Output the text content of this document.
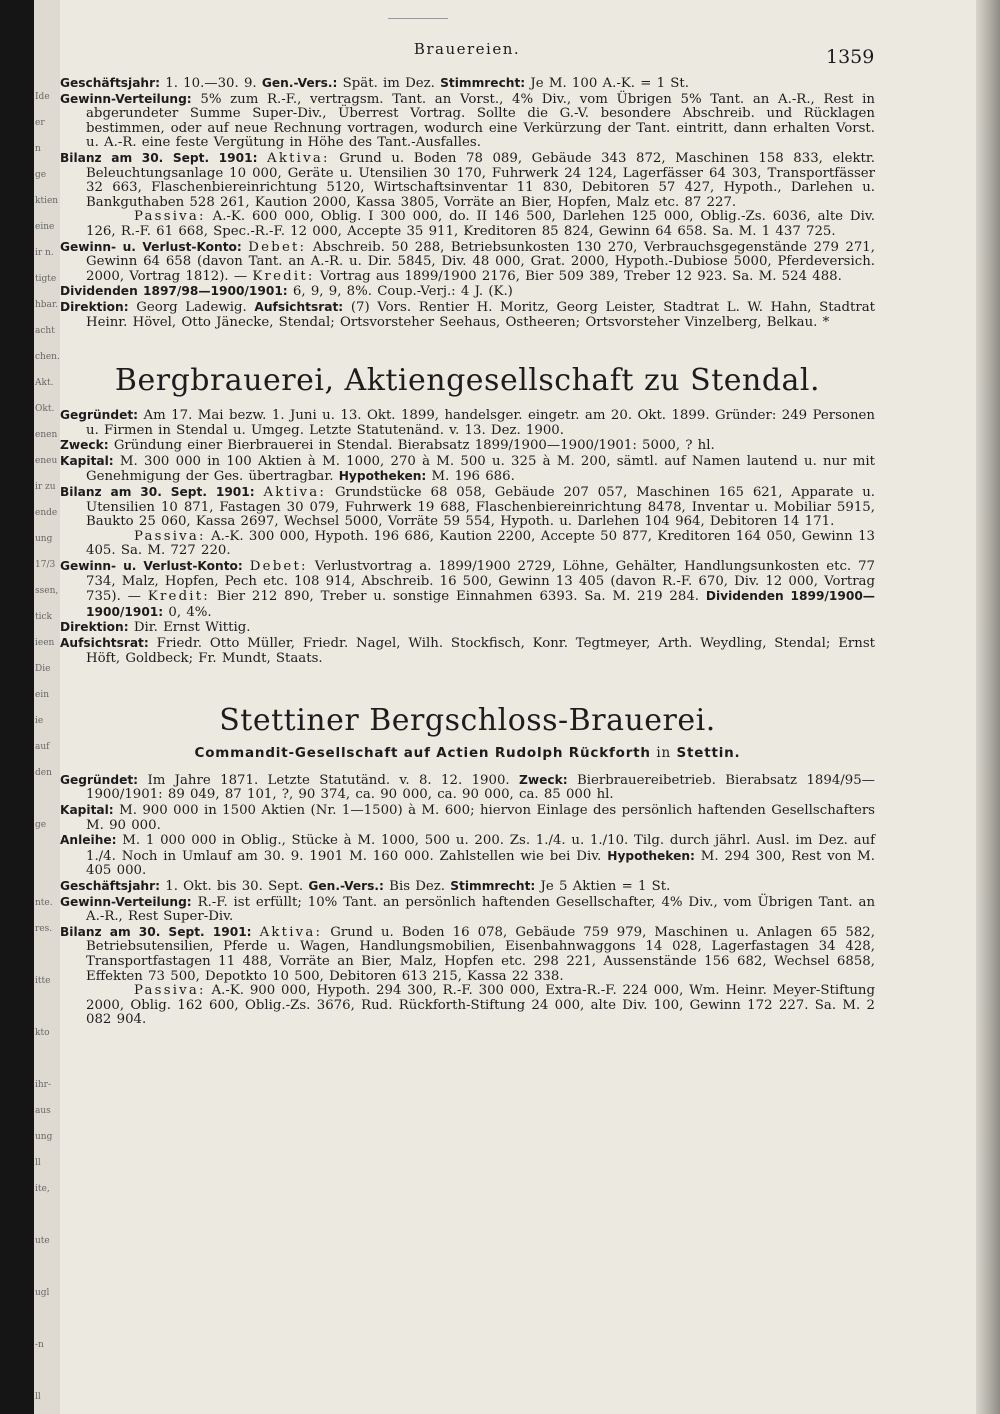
Ide
er
n
ge
ktien
eine
ir n.
tigte
hbar.
acht
chen.
Akt.
Okt.
enen
eneu
ir zu
ende
ung
17/3
ssen,
tick
ieen
Die
ein
ie
auf
den
ge
nte.
res.
itte
kto
ihr-
aus
ung
ll
ite,
ute
ugl
-n
ll
Brauereien.	1359

Geschäftsjahr: 1. 10.—30. 9. Gen.-Vers.: Spät. im Dez. Stimmrecht: Je M. 100 A.-K. = 1 St.

Gewinn-Verteilung: 5% zum R.-F., vertragsm. Tant. an Vorst., 4% Div., vom Übrigen 5% Tant. an A.-R., Rest in abgerundeter Summe Super-Div., Überrest Vortrag. Sollte die G.-V. besondere Abschreib. und Rücklagen bestimmen, oder auf neue Rechnung vortragen, wodurch eine Verkürzung der Tant. eintritt, dann erhalten Vorst. u. A.-R. eine feste Vergütung in Höhe des Tant.-Ausfalles.

Bilanz am 30. Sept. 1901: Aktiva: Grund u. Boden 78 089, Gebäude 343 872, Maschinen 158 833, elektr. Beleuchtungsanlage 10 000, Geräte u. Utensilien 30 170, Fuhrwerk 24 124, Lagerfässer 64 303, Transportfässer 32 663, Flaschenbiereinrichtung 5120, Wirtschaftsinventar 11 830, Debitoren 57 427, Hypoth., Darlehen u. Bankguthaben 528 261, Kaution 2000, Kassa 3805, Vorräte an Bier, Hopfen, Malz etc. 87 227.
Passiva: A.-K. 600 000, Oblig. I 300 000, do. II 146 500, Darlehen 125 000, Oblig.-Zs. 6036, alte Div. 126, R.-F. 61 668, Spec.-R.-F. 12 000, Accepte 35 911, Kreditoren 85 824, Gewinn 64 658. Sa. M. 1 437 725.

Gewinn- u. Verlust-Konto: Debet: Abschreib. 50 288, Betriebsunkosten 130 270, Verbrauchsgegenstände 279 271, Gewinn 64 658 (davon Tant. an A.-R. u. Dir. 5845, Div. 48 000, Grat. 2000, Hypoth.-Dubiose 5000, Pferdeversich. 2000, Vortrag 1812). — Kredit: Vortrag aus 1899/1900 2176, Bier 509 389, Treber 12 923. Sa. M. 524 488.

Dividenden 1897/98—1900/1901: 6, 9, 9, 8%. Coup.-Verj.: 4 J. (K.)

Direktion: Georg Ladewig. Aufsichtsrat: (7) Vors. Rentier H. Moritz, Georg Leister, Stadtrat L. W. Hahn, Stadtrat Heinr. Hövel, Otto Jänecke, Stendal; Ortsvorsteher Seehaus, Ostheeren; Ortsvorsteher Vinzelberg, Belkau. *

Bergbrauerei, Aktiengesellschaft zu Stendal.

Gegründet: Am 17. Mai bezw. 1. Juni u. 13. Okt. 1899, handelsger. eingetr. am 20. Okt. 1899. Gründer: 249 Personen u. Firmen in Stendal u. Umgeg. Letzte Statutenänd. v. 13. Dez. 1900.

Zweck: Gründung einer Bierbrauerei in Stendal. Bierabsatz 1899/1900—1900/1901: 5000, ? hl.

Kapital: M. 300 000 in 100 Aktien à M. 1000, 270 à M. 500 u. 325 à M. 200, sämtl. auf Namen lautend u. nur mit Genehmigung der Ges. übertragbar. Hypotheken: M. 196 686.

Bilanz am 30. Sept. 1901: Aktiva: Grundstücke 68 058, Gebäude 207 057, Maschinen 165 621, Apparate u. Utensilien 10 871, Fastagen 30 079, Fuhrwerk 19 688, Flaschenbiereinrichtung 8478, Inventar u. Mobiliar 5915, Baukto 25 060, Kassa 2697, Wechsel 5000, Vorräte 59 554, Hypoth. u. Darlehen 104 964, Debitoren 14 171.
Passiva: A.-K. 300 000, Hypoth. 196 686, Kaution 2200, Accepte 50 877, Kreditoren 164 050, Gewinn 13 405. Sa. M. 727 220.

Gewinn- u. Verlust-Konto: Debet: Verlustvortrag a. 1899/1900 2729, Löhne, Gehälter, Handlungsunkosten etc. 77 734, Malz, Hopfen, Pech etc. 108 914, Abschreib. 16 500, Gewinn 13 405 (davon R.-F. 670, Div. 12 000, Vortrag 735). — Kredit: Bier 212 890, Treber u. sonstige Einnahmen 6393. Sa. M. 219 284. Dividenden 1899/1900—1900/1901: 0, 4%.

Direktion: Dir. Ernst Wittig.

Aufsichtsrat: Friedr. Otto Müller, Friedr. Nagel, Wilh. Stockfisch, Konr. Tegtmeyer, Arth. Weydling, Stendal; Ernst Höft, Goldbeck; Fr. Mundt, Staats.

Stettiner Bergschloss-Brauerei.
Commandit-Gesellschaft auf Actien Rudolph Rückforth in Stettin.

Gegründet: Im Jahre 1871. Letzte Statutänd. v. 8. 12. 1900. Zweck: Bierbrauereibetrieb. Bierabsatz 1894/95—1900/1901: 89 049, 87 101, ?, 90 374, ca. 90 000, ca. 90 000, ca. 85 000 hl.

Kapital: M. 900 000 in 1500 Aktien (Nr. 1—1500) à M. 600; hiervon Einlage des persönlich haftenden Gesellschafters M. 90 000.

Anleihe: M. 1 000 000 in Oblig., Stücke à M. 1000, 500 u. 200. Zs. 1./4. u. 1./10. Tilg. durch jährl. Ausl. im Dez. auf 1./4. Noch in Umlauf am 30. 9. 1901 M. 160 000. Zahlstellen wie bei Div. Hypotheken: M. 294 300, Rest von M. 405 000.

Geschäftsjahr: 1. Okt. bis 30. Sept. Gen.-Vers.: Bis Dez. Stimmrecht: Je 5 Aktien = 1 St.

Gewinn-Verteilung: R.-F. ist erfüllt; 10% Tant. an persönlich haftenden Gesellschafter, 4% Div., vom Übrigen Tant. an A.-R., Rest Super-Div.

Bilanz am 30. Sept. 1901: Aktiva: Grund u. Boden 16 078, Gebäude 759 979, Maschinen u. Anlagen 65 582, Betriebsutensilien, Pferde u. Wagen, Handlungsmobilien, Eisenbahnwaggons 14 028, Lagerfastagen 34 428, Transportfastagen 11 488, Vorräte an Bier, Malz, Hopfen etc. 298 221, Aussenstände 156 682, Wechsel 6858, Effekten 73 500, Depotkto 10 500, Debitoren 613 215, Kassa 22 338.
Passiva: A.-K. 900 000, Hypoth. 294 300, R.-F. 300 000, Extra-R.-F. 224 000, Wm. Heinr. Meyer-Stiftung 2000, Oblig. 162 600, Oblig.-Zs. 3676, Rud. Rückforth-Stiftung 24 000, alte Div. 100, Gewinn 172 227. Sa. M. 2 082 904.
